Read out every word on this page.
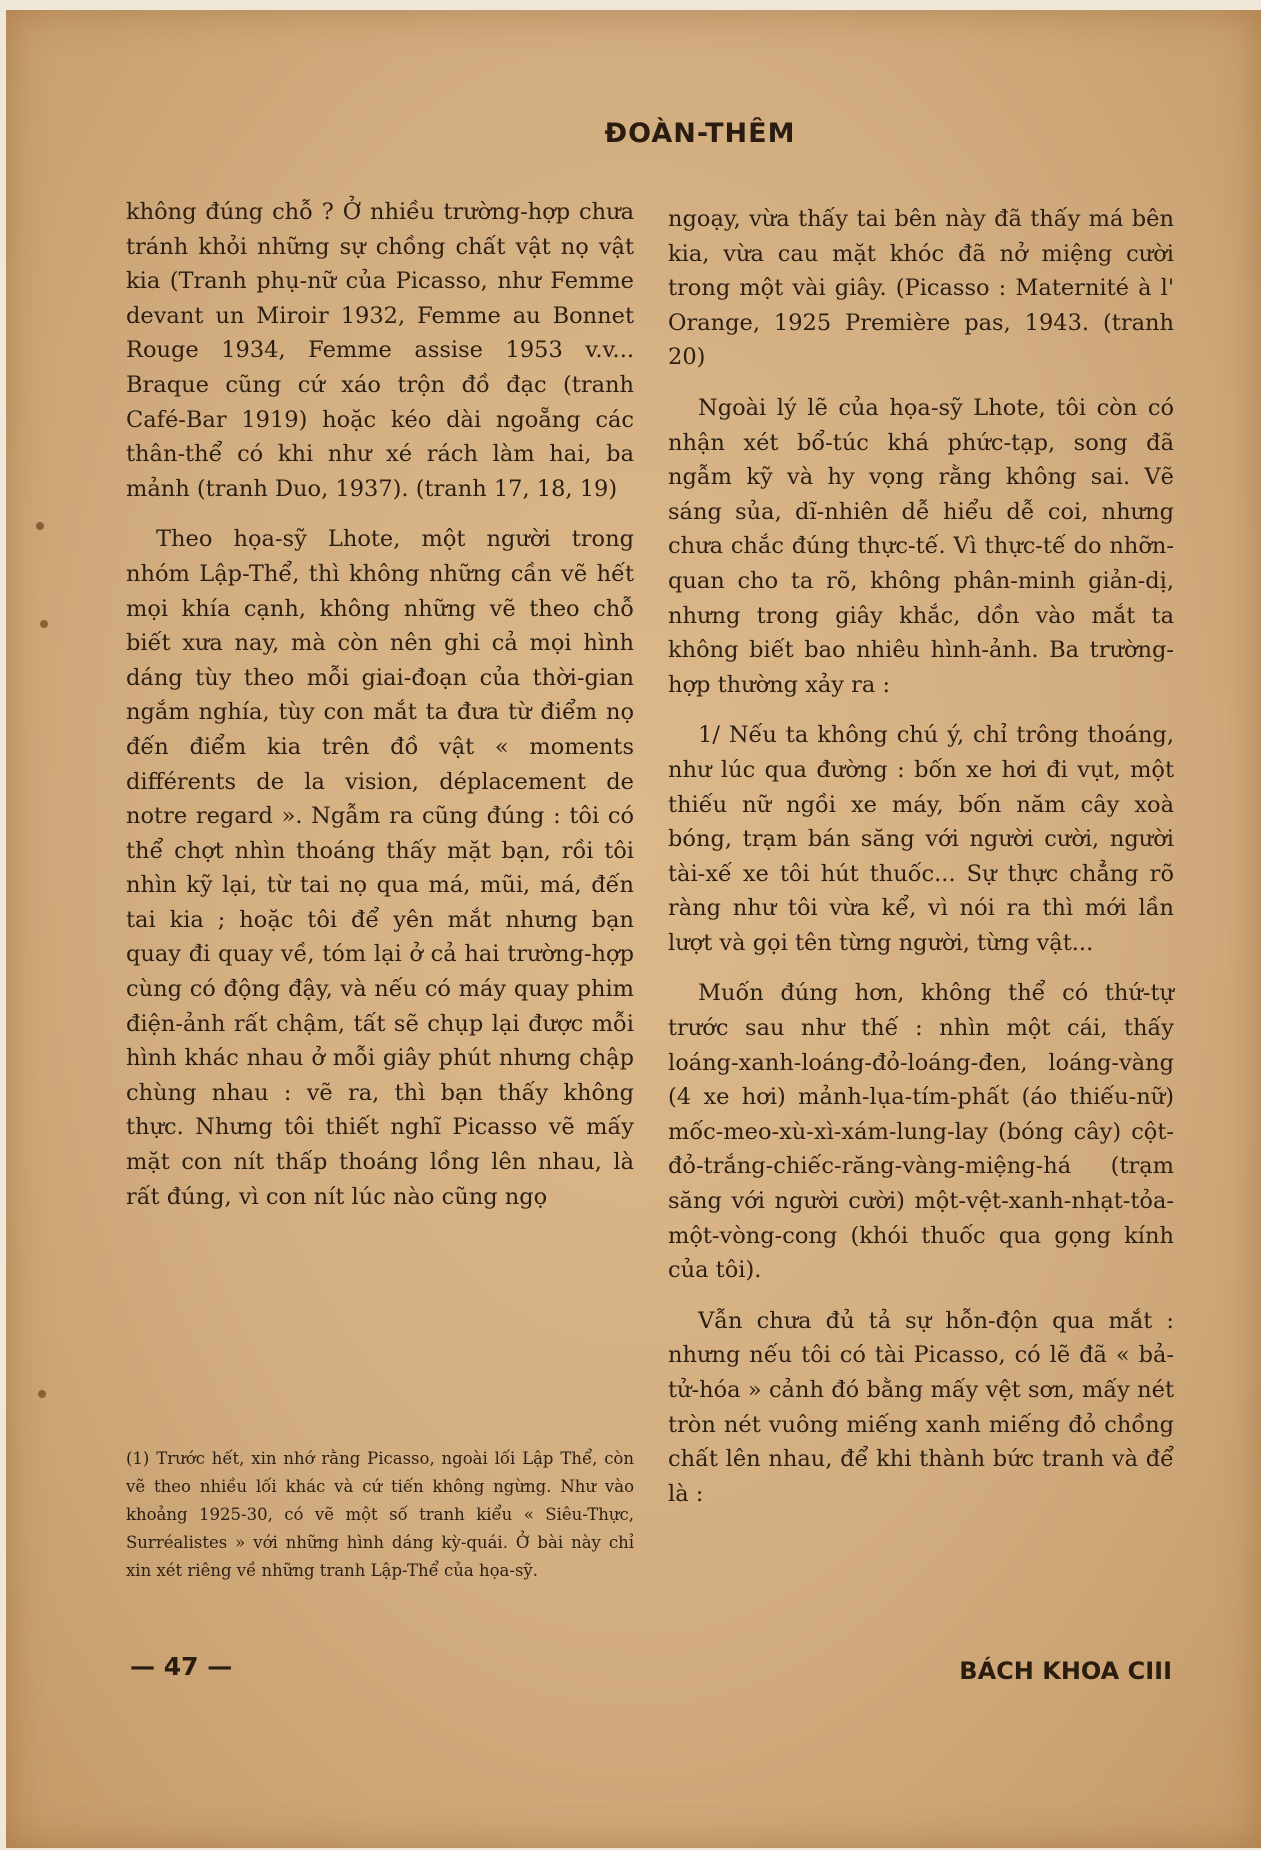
ĐOÀN-THÊM

không đúng chỗ ? Ở nhiều trường-hợp chưa tránh khỏi những sự chồng chất vật nọ vật kia (Tranh phụ-nữ của Picasso, như Femme devant un Miroir 1932, Femme au Bonnet Rouge 1934, Femme assise 1953 v.v... Braque cũng cứ xáo trộn đồ đạc (tranh Café-Bar 1919) hoặc kéo dài ngoẵng các thân-thể có khi như xé rách làm hai, ba mảnh (tranh Duo, 1937). (tranh 17, 18, 19)

Theo họa-sỹ Lhote, một người trong nhóm Lập-Thể, thì không những cần vẽ hết mọi khía cạnh, không những vẽ theo chỗ biết xưa nay, mà còn nên ghi cả mọi hình dáng tùy theo mỗi giai-đoạn của thời-gian ngắm nghía, tùy con mắt ta đưa từ điểm nọ đến điểm kia trên đồ vật « moments différents de la vision, déplacement de notre regard ». Ngẫm ra cũng đúng : tôi có thể chợt nhìn thoáng thấy mặt bạn, rồi tôi nhìn kỹ lại, từ tai nọ qua má, mũi, má, đến tai kia ; hoặc tôi để yên mắt nhưng bạn quay đi quay về, tóm lại ở cả hai trường-hợp cùng có động đậy, và nếu có máy quay phim điện-ảnh rất chậm, tất sẽ chụp lại được mỗi hình khác nhau ở mỗi giây phút nhưng chập chùng nhau : vẽ ra, thì bạn thấy không thực. Nhưng tôi thiết nghĩ Picasso vẽ mấy mặt con nít thấp thoáng lồng lên nhau, là rất đúng, vì con nít lúc nào cũng ngọ

(1) Trước hết, xin nhớ rằng Picasso, ngoài lối Lập Thể, còn vẽ theo nhiều lối khác và cứ tiến không ngừng. Như vào khoảng 1925-30, có vẽ một số tranh kiểu « Siêu-Thực, Surréalistes » với những hình dáng kỳ-quái. Ở bài này chỉ xin xét riêng về những tranh Lập-Thể của họa-sỹ.

ngoạy, vừa thấy tai bên này đã thấy má bên kia, vừa cau mặt khóc đã nở miệng cười trong một vài giây. (Picasso : Maternité à l' Orange, 1925 Première pas, 1943. (tranh 20)

Ngoài lý lẽ của họa-sỹ Lhote, tôi còn có nhận xét bổ-túc khá phức-tạp, song đã ngẫm kỹ và hy vọng rằng không sai. Vẽ sáng sủa, dĩ-nhiên dễ hiểu dễ coi, nhưng chưa chắc đúng thực-tế. Vì thực-tế do nhỡn-quan cho ta rõ, không phân-minh giản-dị, nhưng trong giây khắc, dồn vào mắt ta không biết bao nhiêu hình-ảnh. Ba trường-hợp thường xảy ra :

1/ Nếu ta không chú ý, chỉ trông thoáng, như lúc qua đường : bốn xe hơi đi vụt, một thiếu nữ ngồi xe máy, bốn năm cây xoà bóng, trạm bán săng với người cười, người tài-xế xe tôi hút thuốc... Sự thực chẳng rõ ràng như tôi vừa kể, vì nói ra thì mới lần lượt và gọi tên từng người, từng vật...

Muốn đúng hơn, không thể có thứ-tự trước sau như thế : nhìn một cái, thấy loáng-xanh-loáng-đỏ-loáng-đen, loáng-vàng (4 xe hơi) mảnh-lụa-tím-phất (áo thiếu-nữ) mốc-meo-xù-xì-xám-lung-lay (bóng cây) cột-đỏ-trắng-chiếc-răng-vàng-miệng-há (trạm săng với người cười) một-vệt-xanh-nhạt-tỏa-một-vòng-cong (khói thuốc qua gọng kính của tôi).

Vẫn chưa đủ tả sự hỗn-độn qua mắt : nhưng nếu tôi có tài Picasso, có lẽ đã « bả-tử-hóa » cảnh đó bằng mấy vệt sơn, mấy nét tròn nét vuông miếng xanh miếng đỏ chồng chất lên nhau, để khi thành bức tranh và để là :

— 47 —	BÁCH KHOA CIII
